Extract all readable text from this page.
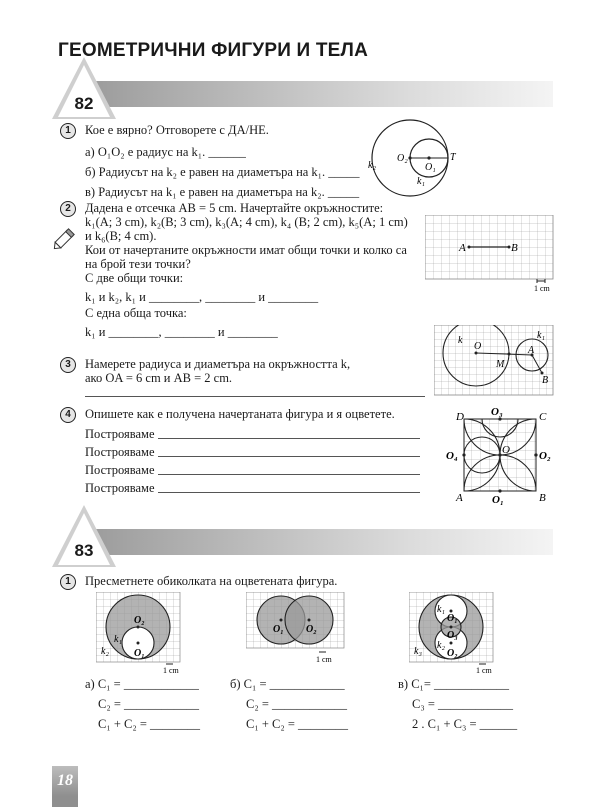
ГЕОМЕТРИЧНИ ФИГУРИ И ТЕЛА
82
1	Кое е вярно? Отговорете с ДА/НЕ.
а) O₁O₂ е радиус на k₁. ______
б) Радиусът на k₂ е равен на диаметъра на k₁. _____
в) Радиусът на k₁ е равен на диаметъра на k₂. _____
k₂
O₂
O₁
T
k₁
2	Дадена е отсечка AB = 5 cm. Начертайте окръжностите:
k₁(A; 3 cm), k₂(B; 3 cm), k₃(A; 4 cm), k₄ (B; 2 cm), k₅(A; 1 cm)
и k₆(B; 4 cm).
Кои от начертаните окръжности имат общи точки и колко са
на брой тези точки?
С две общи точки:
k₁ и k₂, k₁ и ________, ________ и ________
С една обща точка:
k₁ и ________, ________ и ________
A	B
1 cm
3	Намерете радиуса и диаметъра на окръжността k,
ако OA = 6 cm и AB = 2 cm.
k	k₁
O	A
M
B
4	Опишете как е получена начертаната фигура и я оцветете.
Построяваме
Построяваме
Построяваме
Построяваме
D O₃	C
O₄	O	O₂
A	O₁	B
83
1	Пресметнете обиколката на оцветената фигура.
O₂
k₁
k₂	O₁
1 cm
O₁ O₂
1 cm
k₁
O₁
O₃
k₂
O₂
k₃
1 cm
а) C₁ = ____________
C₂ = ____________
C₁ + C₂ = ________
б) C₁ = ____________
C₂ = ____________
C₁ + C₂ = ________
в) C₁= ____________
C₃ = ____________
2 . C₁ + C₃ = ______
18
